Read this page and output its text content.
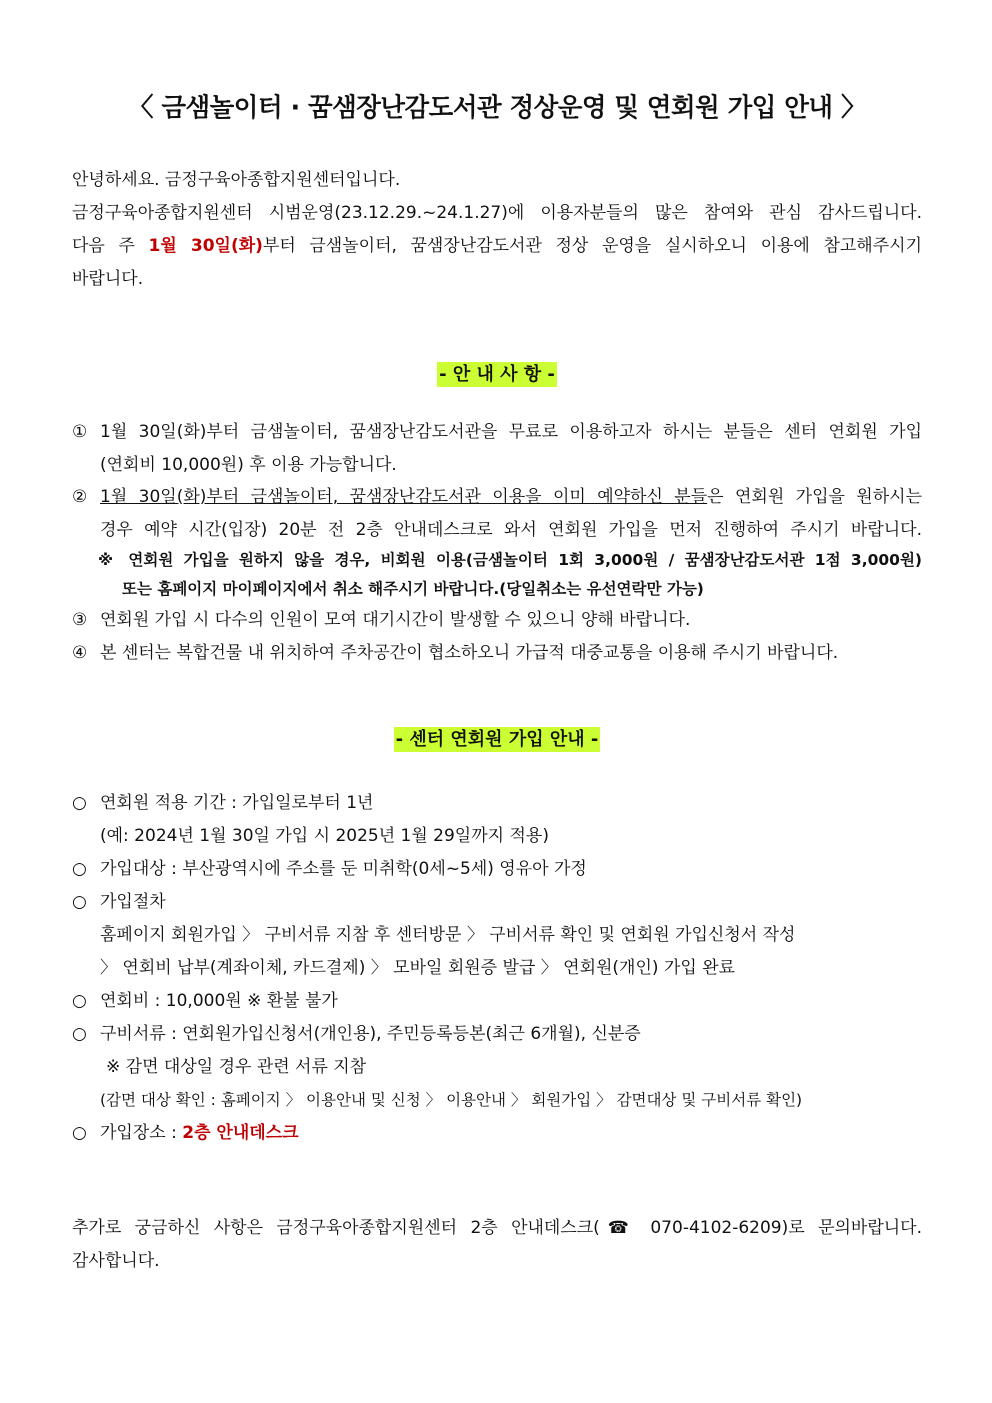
〈 금샘놀이터 · 꿈샘장난감도서관 정상운영 및 연회원 가입 안내 〉

안녕하세요. 금정구육아종합지원센터입니다.

금정구육아종합지원센터 시범운영(23.12.29.~24.1.27)에 이용자분들의 많은 참여와 관심 감사드립니다.

다음 주 1월 30일(화)부터 금샘놀이터, 꿈샘장난감도서관 정상 운영을 실시하오니 이용에 참고해주시기

바랍니다.

- 안 내 사 항 -
① 1월 30일(화)부터 금샘놀이터, 꿈샘장난감도서관을 무료로 이용하고자 하시는 분들은 센터 연회원 가입
(연회비 10,000원) 후 이용 가능합니다.
② 1월 30일(화)부터 금샘놀이터, 꿈샘장난감도서관 이용을 이미 예약하신 분들은 연회원 가입을 원하시는
경우 예약 시간(입장) 20분 전 2층 안내데스크로 와서 연회원 가입을 먼저 진행하여 주시기 바랍니다.
※ 연회원 가입을 원하지 않을 경우, 비회원 이용(금샘놀이터 1회 3,000원 / 꿈샘장난감도서관 1점 3,000원)
또는 홈페이지 마이페이지에서 취소 해주시기 바랍니다.(당일취소는 유선연락만 가능)
③ 연회원 가입 시 다수의 인원이 모여 대기시간이 발생할 수 있으니 양해 바랍니다.
④ 본 센터는 복합건물 내 위치하여 주차공간이 협소하오니 가급적 대중교통을 이용해 주시기 바랍니다.
- 센터 연회원 가입 안내 -
○ 연회원 적용 기간 : 가입일로부터 1년
(예: 2024년 1월 30일 가입 시 2025년 1월 29일까지 적용)
○ 가입대상 : 부산광역시에 주소를 둔 미취학(0세~5세) 영유아 가정
○ 가입절차
홈페이지 회원가입 〉 구비서류 지참 후 센터방문 〉 구비서류 확인 및 연회원 가입신청서 작성
〉 연회비 납부(계좌이체, 카드결제) 〉 모바일 회원증 발급 〉 연회원(개인) 가입 완료
○ 연회비 : 10,000원 ※ 환불 불가
○ 구비서류 : 연회원가입신청서(개인용), 주민등록등본(최근 6개월), 신분증
※ 감면 대상일 경우 관련 서류 지참
(감면 대상 확인 : 홈페이지 〉 이용안내 및 신청 〉 이용안내 〉 회원가입 〉 감면대상 및 구비서류 확인)
○ 가입장소 : 2층 안내데스크

추가로 궁금하신 사항은 금정구육아종합지원센터 2층 안내데스크(☎ 070-4102-6209)로 문의바랍니다.

감사합니다.
